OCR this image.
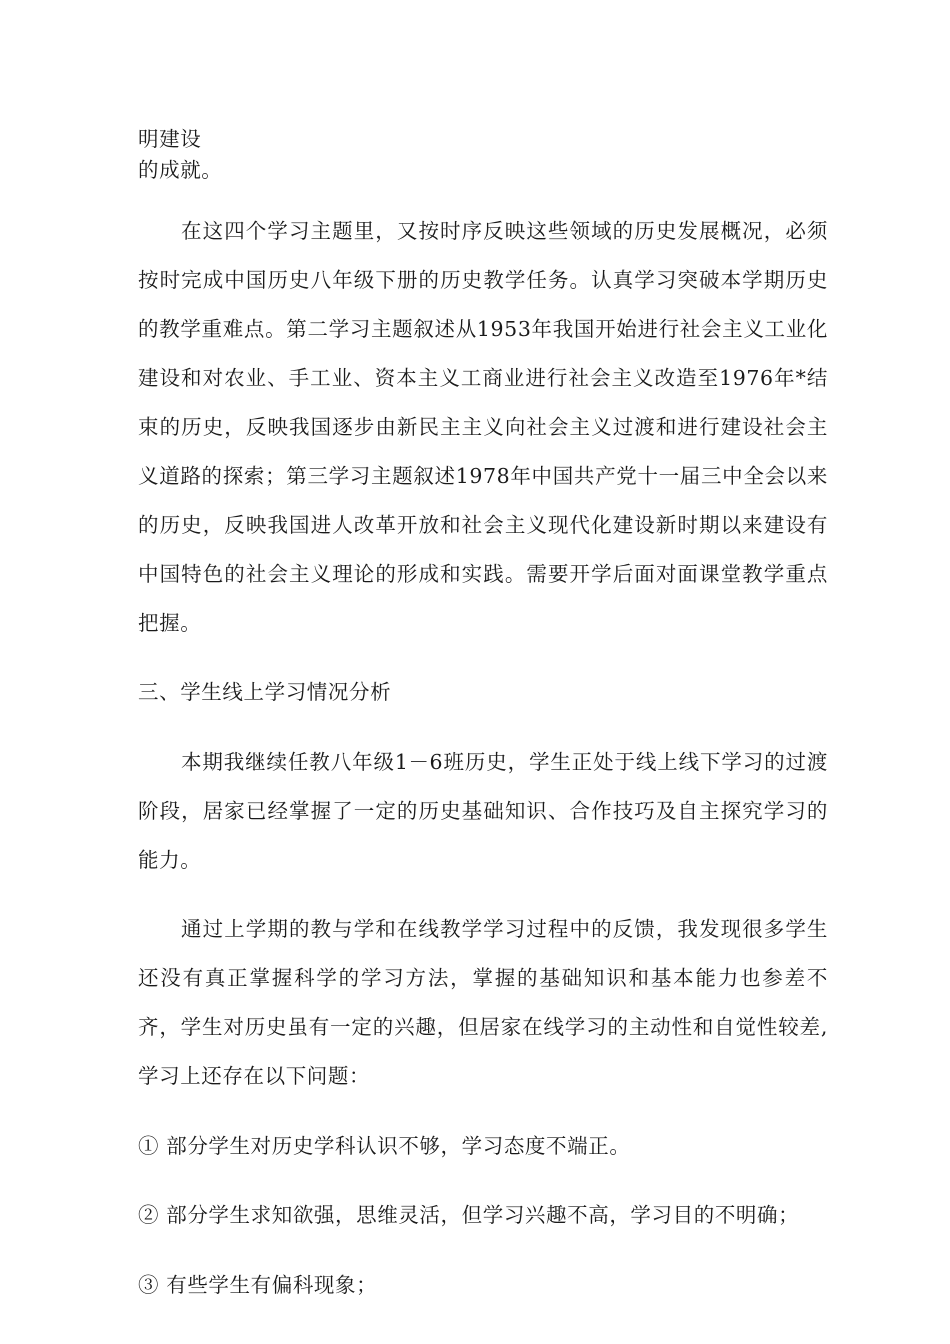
明建设

的成就。

在这四个学习主题里，又按时序反映这些领域的历史发展概况，必须按时完成中国历史八年级下册的历史教学任务。认真学习突破本学期历史的教学重难点。第二学习主题叙述从1953年我国开始进行社会主义工业化建设和对农业、手工业、资本主义工商业进行社会主义改造至1976年*结束的历史，反映我国逐步由新民主主义向社会主义过渡和进行建设社会主义道路的探索；第三学习主题叙述1978年中国共产党十一届三中全会以来的历史，反映我国进人改革开放和社会主义现代化建设新时期以来建设有中国特色的社会主义理论的形成和实践。需要开学后面对面课堂教学重点把握。

三、学生线上学习情况分析

本期我继续任教八年级1－6班历史，学生正处于线上线下学习的过渡阶段，居家已经掌握了一定的历史基础知识、合作技巧及自主探究学习的能力。

通过上学期的教与学和在线教学学习过程中的反馈，我发现很多学生还没有真正掌握科学的学习方法，掌握的基础知识和基本能力也参差不齐，学生对历史虽有一定的兴趣，但居家在线学习的主动性和自觉性较差,学习上还存在以下问题：

① 部分学生对历史学科认识不够，学习态度不端正。

② 部分学生求知欲强，思维灵活，但学习兴趣不高，学习目的不明确；

③ 有些学生有偏科现象；
